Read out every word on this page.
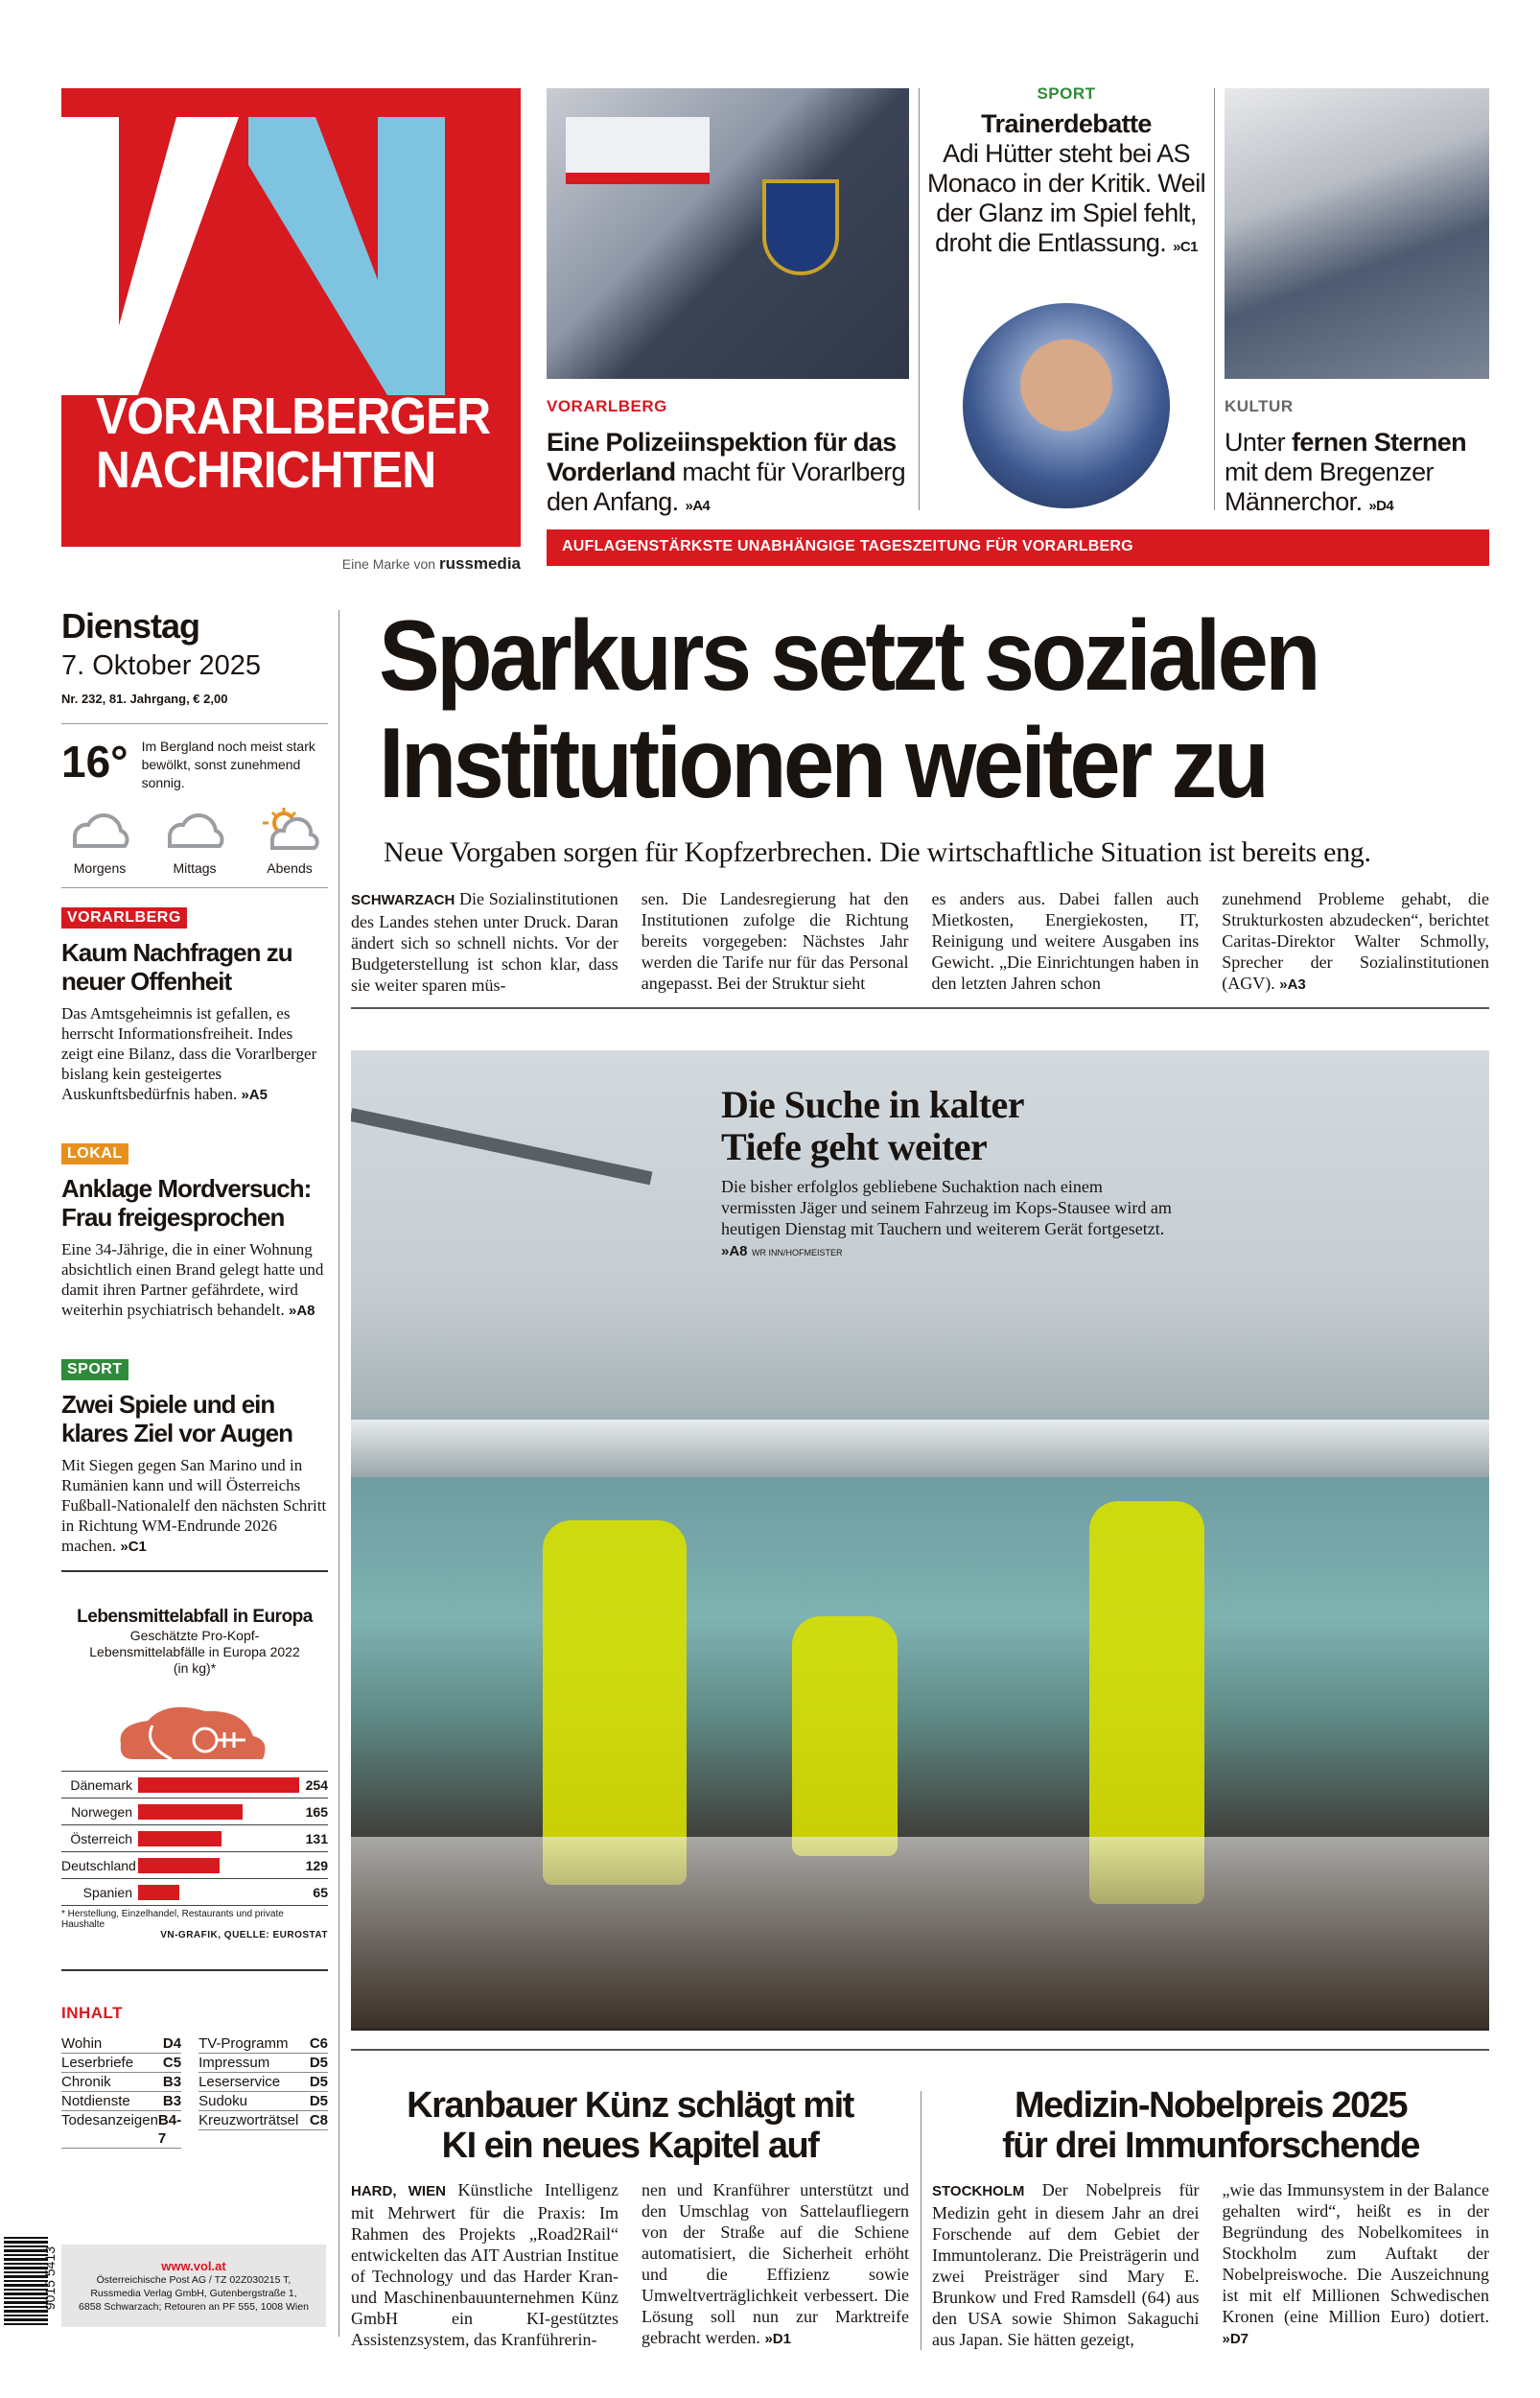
VORARLBERGER
NACHRICHTEN
Eine Marke von russmedia
VORARLBERG
Eine Polizeiinspektion für das Vorderland macht für Vorarlberg den Anfang. »A4
SPORT
Trainerdebatte
Adi Hütter steht bei AS Monaco in der Kritik. Weil der Glanz im Spiel fehlt, droht die Entlassung. »C1
KULTUR
Unter fernen Sternen mit dem Bregenzer Männerchor. »D4
AUFLAGENSTÄRKSTE UNABHÄNGIGE TAGESZEITUNG FÜR VORARLBERG
Dienstag
7. Oktober 2025
Nr. 232, 81. Jahrgang, € 2,00
16° Im Bergland noch meist stark bewölkt, sonst zunehmend sonnig.
Morgens	Mittags	Abends
VORARLBERG
Kaum Nachfragen zu neuer Offenheit
Das Amtsgeheimnis ist gefallen, es herrscht Informationsfreiheit. Indes zeigt eine Bilanz, dass die Vorarlberger bislang kein gesteigertes Auskunftsbedürfnis haben. »A5
LOKAL
Anklage Mordversuch: Frau freigesprochen
Eine 34-Jährige, die in einer Wohnung absichtlich einen Brand gelegt hatte und damit ihren Partner gefährdete, wird weiterhin psychiatrisch behandelt. »A8
SPORT
Zwei Spiele und ein klares Ziel vor Augen
Mit Siegen gegen San Marino und in Rumänien kann und will Österreichs Fußball-Nationalelf den nächsten Schritt in Richtung WM-Endrunde 2026 machen. »C1
Lebensmittelabfall in Europa
Geschätzte Pro-Kopf-Lebensmittelabfälle in Europa 2022 (in kg)*
Dänemark	254
Norwegen	165
Österreich	131
Deutschland	129
Spanien	65
* Herstellung, Einzelhandel, Restaurants und private Haushalte
VN-GRAFIK, QUELLE: EUROSTAT
INHALT
Wohin	D4
Leserbriefe C5
Chronik	B3
Notdienste B3
Todesanzeigen B4-7
TV-Programm C6
Impressum	D5
Leserservice D5
Sudoku	D5
Kreuzworträtsel C8
9015 5413	www.vol.at
Österreichische Post AG / TZ 02Z030215 T,
Russmedia Verlag GmbH, Gutenbergstraße 1,
6858 Schwarzach; Retouren an PF 555, 1008 Wien
Sparkurs setzt sozialen
Institutionen weiter zu
Neue Vorgaben sorgen für Kopfzerbrechen. Die wirtschaftliche Situation ist bereits eng.
SCHWARZACH Die Sozialinstitutionen des Landes stehen unter Druck. Daran ändert sich so schnell nichts. Vor der Budgeterstellung ist schon klar, dass sie weiter sparen müs-
sen. Die Landesregierung hat den Institutionen zufolge die Richtung bereits vorgegeben: Nächstes Jahr werden die Tarife nur für das Personal angepasst. Bei der Struktur sieht
es anders aus. Dabei fallen auch Mietkosten, Energiekosten, IT, Reinigung und weitere Ausgaben ins Gewicht. „Die Einrichtungen haben in den letzten Jahren schon
zunehmend Probleme gehabt, die Strukturkosten abzudecken“, berichtet Caritas-Direktor Walter Schmolly, Sprecher der Sozialinstitutionen (AGV). »A3
Die Suche in kalter
Tiefe geht weiter
Die bisher erfolglos gebliebene Suchaktion nach einem vermissten Jäger und seinem Fahrzeug im Kops-Stausee wird am heutigen Dienstag mit Tauchern und weiterem Gerät fortgesetzt. »A8 WR INN/HOFMEISTER
Kranbauer Künz schlägt mit
KI ein neues Kapitel auf
HARD, WIEN Künstliche Intelligenz mit Mehrwert für die Praxis: Im Rahmen des Projekts „Road2Rail“ entwickelten das AIT Austrian Institue of Technology und das Harder Kran- und Maschinenbauunternehmen Künz GmbH ein KI-gestütztes Assistenzsystem, das Kranführerin-
nen und Kranführer unterstützt und den Umschlag von Sattelaufliegern von der Straße auf die Schiene automatisiert, die Sicherheit erhöht und die Effizienz sowie Umweltverträglichkeit verbessert. Die Lösung soll nun zur Marktreife gebracht werden. »D1
Medizin-Nobelpreis 2025
für drei Immunforschende
STOCKHOLM Der Nobelpreis für Medizin geht in diesem Jahr an drei Forschende auf dem Gebiet der Immuntoleranz. Die Preisträgerin und zwei Preisträger sind Mary E. Brunkow und Fred Ramsdell (64) aus den USA sowie Shimon Sakaguchi aus Japan. Sie hätten gezeigt,
„wie das Immunsystem in der Balance gehalten wird“, heißt es in der Begründung des Nobelkomitees in Stockholm zum Auftakt der Nobelpreiswoche. Die Auszeichnung ist mit elf Millionen Schwedischen Kronen (eine Million Euro) dotiert. »D7
